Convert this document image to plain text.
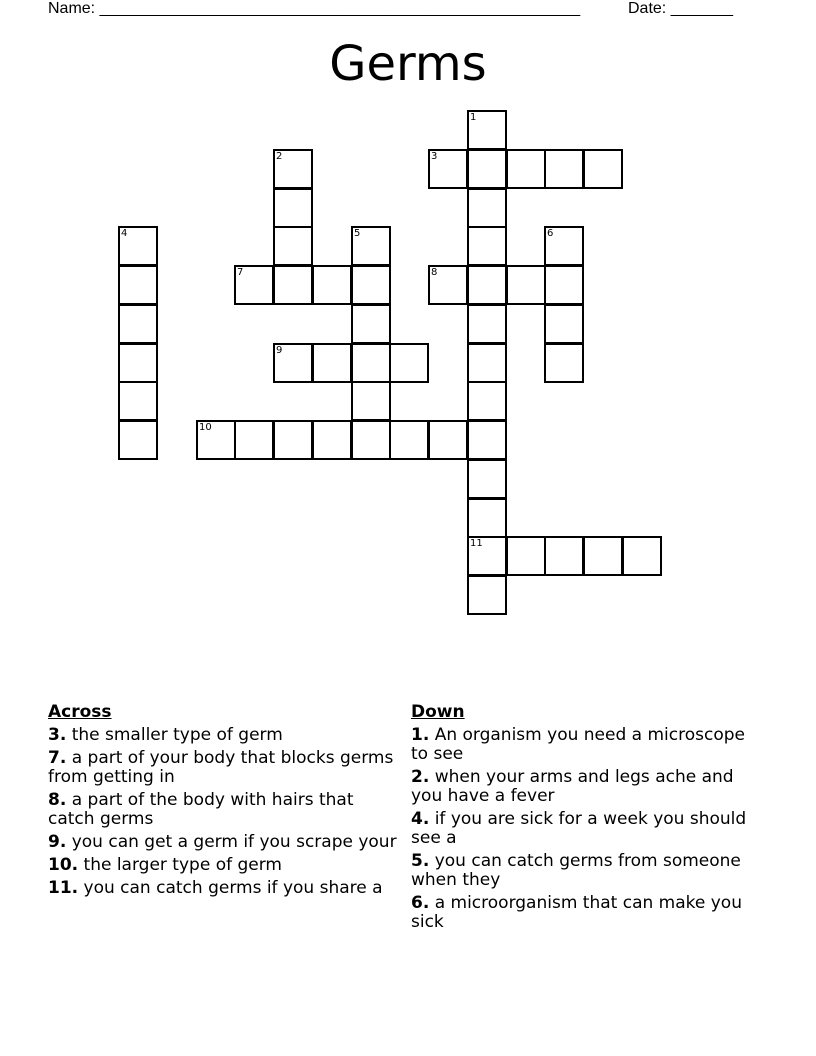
Name: ______________________________________________________	Date: _______
Germs
1
11
2	3
4	5	6
7	8
9
10
Across
3. the smaller type of germ
7. a part of your body that blocks germs from getting in
8. a part of the body with hairs that catch germs
9. you can get a germ if you scrape your
10. the larger type of germ
11. you can catch germs if you share a
Down
1. An organism you need a microscope to see
2. when your arms and legs ache and you have a fever
4. if you are sick for a week you should see a
5. you can catch germs from someone when they
6. a microorganism that can make you sick
